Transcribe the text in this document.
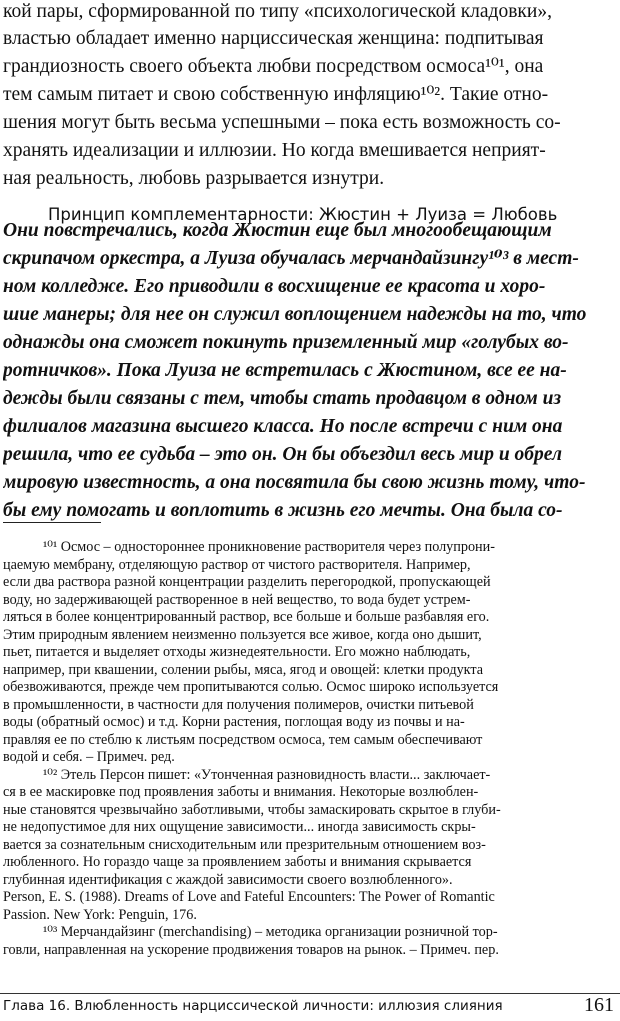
кой пары, сформированной по типу «психологической кладовки»,
властью обладает именно нарциссическая женщина: подпитывая
грандиозность своего объекта любви посредством осмоса¹⁰¹, она
тем самым питает и свою собственную инфляцию¹⁰². Такие отно-
шения могут быть весьма успешными – пока есть возможность со-
хранять идеализации и иллюзии. Но когда вмешивается неприят-
ная реальность, любовь разрывается изнутри.
Принцип комплементарности: Жюстин + Луиза = Любовь
Они повстречались, когда Жюстин еще был многообещающим
скрипачом оркестра, а Луиза обучалась мерчандайзингу¹⁰³ в мест-
ном колледже. Его приводили в восхищение ее красота и хоро-
шие манеры; для нее он служил воплощением надежды на то, что
однажды она сможет покинуть приземленный мир «голубых во-
ротничков». Пока Луиза не встретилась с Жюстином, все ее на-
дежды были связаны с тем, чтобы стать продавцом в одном из
филиалов магазина высшего класса. Но после встречи с ним она
решила, что ее судьба – это он. Он бы объездил весь мир и обрел
мировую известность, а она посвятила бы свою жизнь тому, что-
бы ему помогать и воплотить в жизнь его мечты. Она была со-
¹⁰¹ Осмос – одностороннее проникновение растворителя через полупрони-
цаемую мембрану, отделяющую раствор от чистого растворителя. Например,
если два раствора разной концентрации разделить перегородкой, пропускающей
воду, но задерживающей растворенное в ней вещество, то вода будет устрем-
ляться в более концентрированный раствор, все больше и больше разбавляя его.
Этим природным явлением неизменно пользуется все живое, когда оно дышит,
пьет, питается и выделяет отходы жизнедеятельности. Его можно наблюдать,
например, при квашении, солении рыбы, мяса, ягод и овощей: клетки продукта
обезвоживаются, прежде чем пропитываются солью. Осмос широко используется
в промышленности, в частности для получения полимеров, очистки питьевой
воды (обратный осмос) и т.д. Корни растения, поглощая воду из почвы и на-
правляя ее по стеблю к листьям посредством осмоса, тем самым обеспечивают
водой и себя. – Примеч. ред.
¹⁰² Этель Персон пишет: «Утонченная разновидность власти... заключает-
ся в ее маскировке под проявления заботы и внимания. Некоторые возлюблен-
ные становятся чрезвычайно заботливыми, чтобы замаскировать скрытое в глуби-
не недопустимое для них ощущение зависимости... иногда зависимость скры-
вается за сознательным снисходительным или презрительным отношением воз-
любленного. Но гораздо чаще за проявлением заботы и внимания скрывается
глубинная идентификация с жаждой зависимости своего возлюбленного».
Person, E. S. (1988). Dreams of Love and Fateful Encounters: The Power of Romantic
Passion. New York: Penguin, 176.
¹⁰³ Мерчандайзинг (merchandising) – методика организации розничной тор-
говли, направленная на ускорение продвижения товаров на рынок. – Примеч. пер.
Глава 16. Влюбленность нарциссической личности: иллюзия слияния	161
